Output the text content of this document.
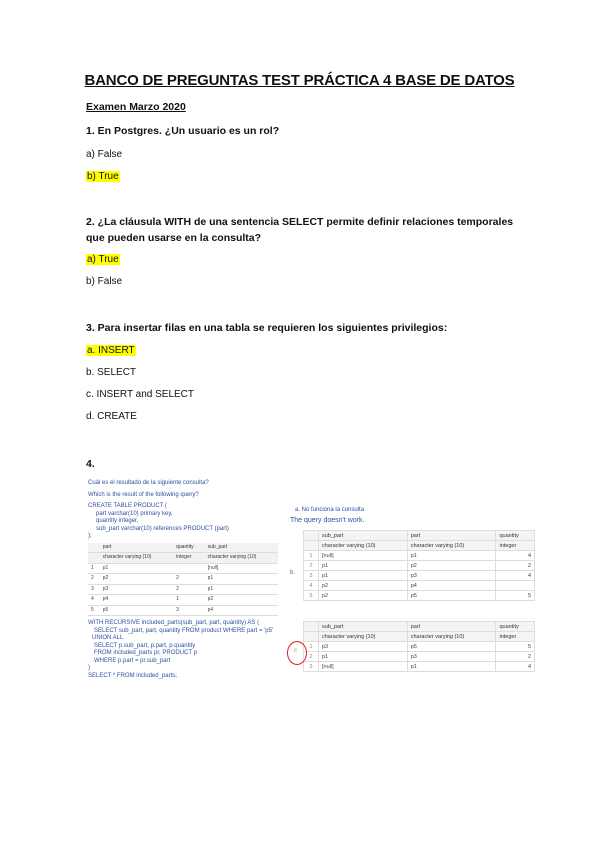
BANCO DE PREGUNTAS TEST PRÁCTICA 4 BASE DE DATOS
Examen Marzo 2020
1. En Postgres. ¿Un usuario es un rol?
a) False
b) True
2. ¿La cláusula WITH de una sentencia SELECT permite definir relaciones temporales que pueden usarse en la consulta?
a) True
b) False
3. Para insertar filas en una tabla se requieren los siguientes privilegios:
a. INSERT
b. SELECT
c. INSERT and SELECT
d. CREATE
4.
Cuál es el resultado de la siguiente consulta?
Which is the result of the following query?
CREATE TABLE PRODUCT (
part varchar(10) primary key,
quantity integer,
sub_part varchar(10) references PRODUCT (part)
);
	part	quantity	sub_part
	character varying (10)	integer	character varying (10)
1	p1		[null]
2	p2	2	p1
3	p3	2	p1
4	p4	1	p2
5	p5	3	p4
WITH RECURSIVE included_parts(sub_part, part, quantity) AS (
SELECT sub_part, part, quantity FROM product WHERE part = 'p5'
UNION ALL
SELECT p.sub_part, p.part, p.quantity
FROM included_parts pr, PRODUCT p
WHERE p.part = pr.sub_part
)
SELECT * FROM included_parts;
a. No funciona la consulta
The query doesn't work.
b.
	sub_part	part	quantity
	character varying (10)	character varying (10)	integer
1	[null]	p1	4
2	p1	p2	2
3	p1	p3	4
4	p2	p4	
5	p2	p5	5
	sub_part	part	quantity
	character varying (10)	character varying (10)	integer
1	p3	p5	5
2	p1	p3	2
3	[null]	p1	4
c
